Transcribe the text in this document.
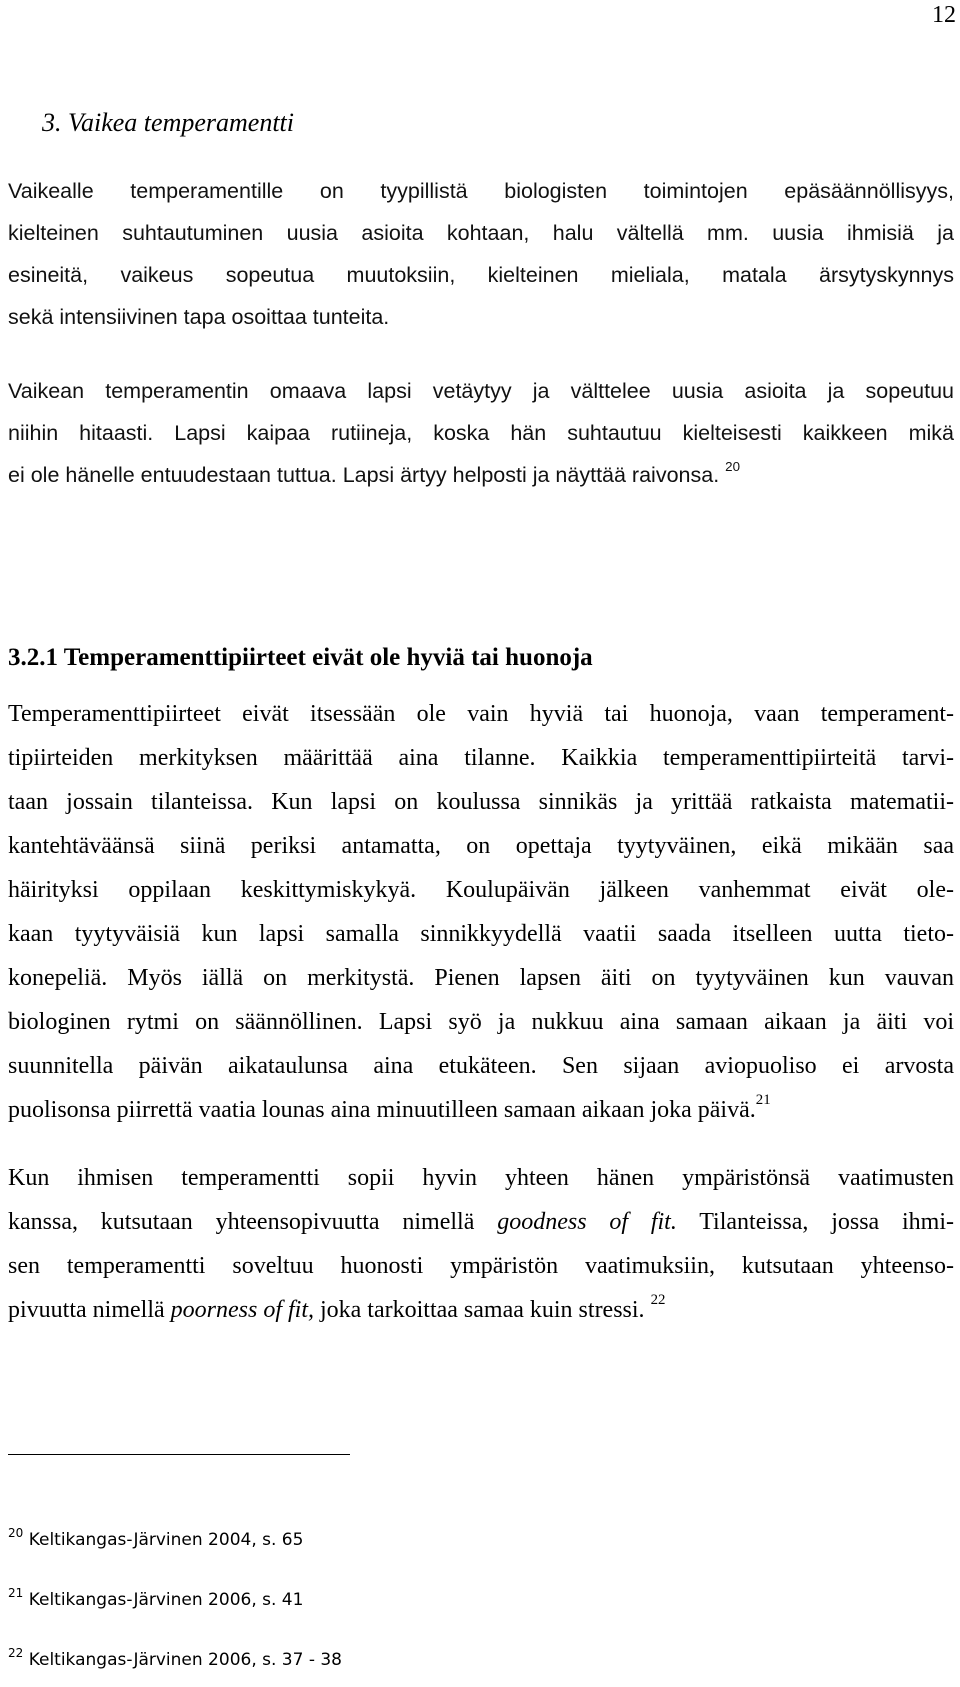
12
3. Vaikea temperamentti
Vaikealle temperamentille on tyypillistä biologisten toimintojen epäsäännöllisyys,
kielteinen suhtautuminen uusia asioita kohtaan, halu vältellä mm. uusia ihmisiä ja
esineitä, vaikeus sopeutua muutoksiin, kielteinen mieliala, matala ärsytyskynnys
sekä intensiivinen tapa osoittaa tunteita.
Vaikean temperamentin omaava lapsi vetäytyy ja välttelee uusia asioita ja sopeutuu
niihin hitaasti. Lapsi kaipaa rutiineja, koska hän suhtautuu kielteisesti kaikkeen mikä
ei ole hänelle entuudestaan tuttua. Lapsi ärtyy helposti ja näyttää raivonsa. $^{20}$
3.2.1 Temperamenttipiirteet eivät ole hyviä tai huonoja
Temperamenttipiirteet eivät itsessään ole vain hyviä tai huonoja, vaan temperament-
tipiirteiden merkityksen määrittää aina tilanne. Kaikkia temperamenttipiirteitä tarvi-
taan jossain tilanteissa. Kun lapsi on koulussa sinnikäs ja yrittää ratkaista matematii-
kantehtäväänsä siinä periksi antamatta, on opettaja tyytyväinen, eikä mikään saa
häirityksi oppilaan keskittymiskykyä. Koulupäivän jälkeen vanhemmat eivät ole-
kaan tyytyväisiä kun lapsi samalla sinnikkyydellä vaatii saada itselleen uutta tieto-
konepeliä. Myös iällä on merkitystä. Pienen lapsen äiti on tyytyväinen kun vauvan
biologinen rytmi on säännöllinen. Lapsi syö ja nukkuu aina samaan aikaan ja äiti voi
suunnitella päivän aikataulunsa aina etukäteen. Sen sijaan aviopuoliso ei arvosta
puolisonsa piirrettä vaatia lounas aina minuutilleen samaan aikaan joka päivä.$^{21}$
Kun ihmisen temperamentti sopii hyvin yhteen hänen ympäristönsä vaatimusten
kanssa, kutsutaan yhteensopivuutta nimellä goodness of fit. Tilanteissa, jossa ihmi-
sen temperamentti soveltuu huonosti ympäristön vaatimuksiin, kutsutaan yhteenso-
pivuutta nimellä poorness of fit, joka tarkoittaa samaa kuin stressi. $^{22}$
$^{20}$ Keltikangas-Järvinen 2004, s. 65
$^{21}$ Keltikangas-Järvinen 2006, s. 41
$^{22}$ Keltikangas-Järvinen 2006, s. 37 - 38
